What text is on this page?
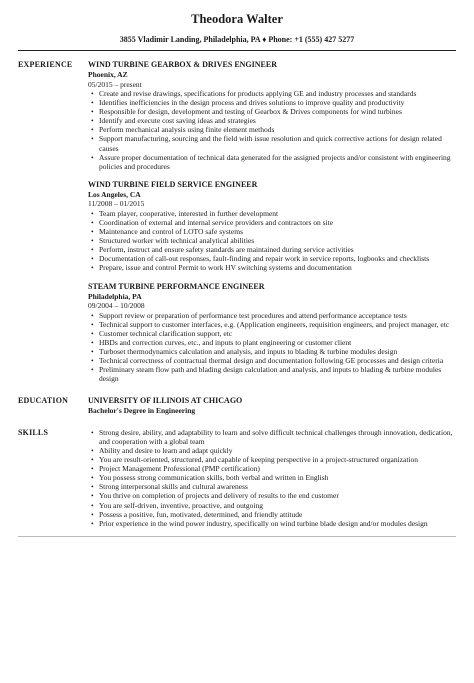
Theodora Walter
3855 Vladimir Landing, Philadelphia, PA ♦ Phone: +1 (555) 427 5277
EXPERIENCE	WIND TURBINE GEARBOX & DRIVES ENGINEER
Phoenix, AZ
05/2015 – present
• Create and revise drawings, specifications for products applying GE and industry processes and standards
• Identifies inefficiencies in the design process and drives solutions to improve quality and productivity
• Responsible for design, development and testing of Gearbox & Drives components for wind turbines
• Identify and execute cost saving ideas and strategies
• Perform mechanical analysis using finite element methods
• Support manufacturing, sourcing and the field with issue resolution and quick corrective actions for design related causes
• Assure proper documentation of technical data generated for the assigned projects and/or consistent with engineering policies and procedures
WIND TURBINE FIELD SERVICE ENGINEER
Los Angeles, CA
11/2008 – 01/2015
• Team player, cooperative, interested in further development
• Coordination of external and internal service providers and contractors on site
• Maintenance and control of LOTO safe systems
• Structured worker with technical analytical abilities
• Perform, instruct and ensure safety standards are maintained during service activities
• Documentation of call-out responses, fault-finding and repair work in service reports, logbooks and checklists
• Prepare, issue and control Permit to work HV switching systems and documentation
STEAM TURBINE PERFORMANCE ENGINEER
Philadelphia, PA
09/2004 – 10/2008
• Support review or preparation of performance test procedures and attend performance acceptance tests
• Technical support to customer interfaces, e.g. (Application engineers, requisition engineers, and project manager, etc
• Customer technical clarification support, etc
• HBDs and correction curves, etc., and inputs to plant engineering or customer client
• Turboset thermodynamics calculation and analysis, and inputs to blading & turbine modules design
• Technical correctness of contractual thermal design and documentation following GE processes and design criteria
• Preliminary steam flow path and blading design calculation and analysis, and inputs to blading & turbine modules design
EDUCATION	UNIVERSITY OF ILLINOIS AT CHICAGO
Bachelor's Degree in Engineering
SKILLS
•	Strong desire, ability, and adaptability to learn and solve difficult technical challenges through innovation, dedication, and cooperation with a global team
• Ability and desire to learn and adapt quickly
• You are result-oriented, structured, and capable of keeping perspective in a project-structured organization
• Project Management Professional (PMP certification)
• You possess strong communication skills, both verbal and written in English
• Strong interpersonal skills and cultural awareness
• You thrive on completion of projects and delivery of results to the end customer
• You are self-driven, inventive, proactive, and outgoing
• Possess a positive, fun, motivated, determined, and friendly attitude
• Prior experience in the wind power industry, specifically on wind turbine blade design and/or modules design
